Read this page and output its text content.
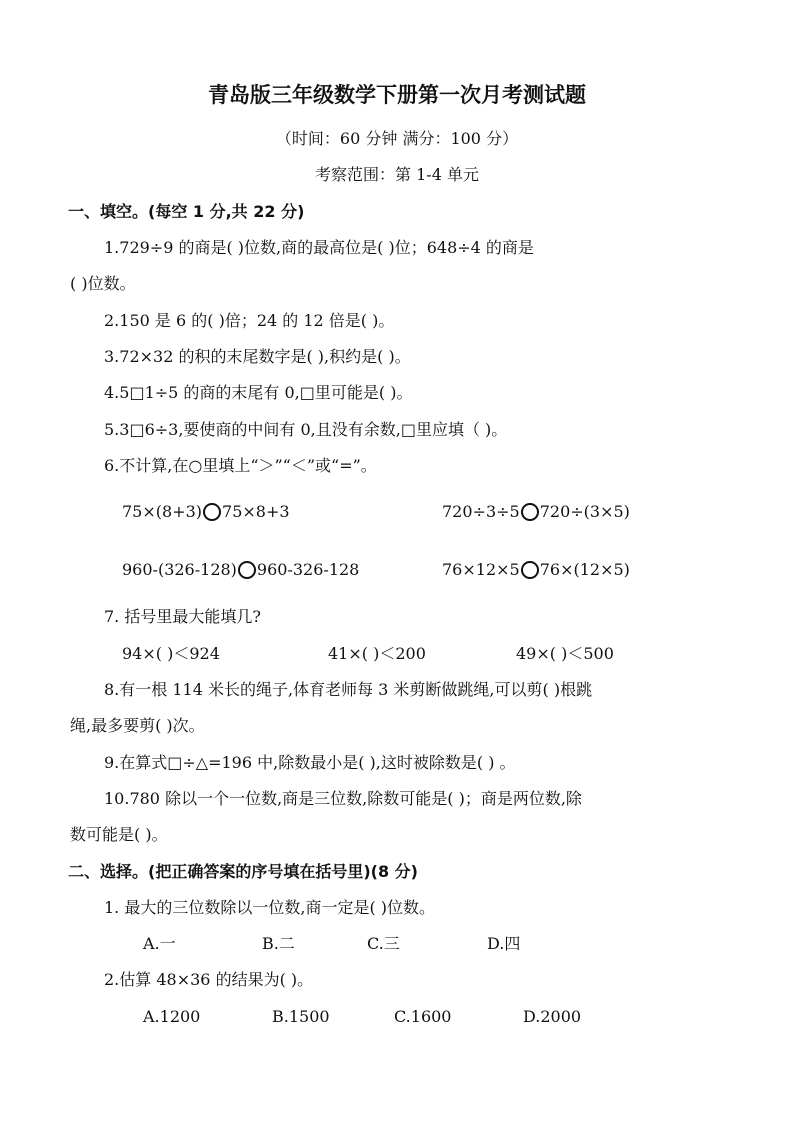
青岛版三年级数学下册第一次月考测试题
（时间：60 分钟 满分：100 分）
考察范围：第 1-4 单元
一、填空。(每空 1 分,共 22 分)
1.729÷9 的商是( )位数,商的最高位是( )位；648÷4 的商是
( )位数。
2.150 是 6 的( )倍；24 的 12 倍是( )。
3.72×32 的积的末尾数字是( ),积约是( )。
4.5□1÷5 的商的末尾有 0,□里可能是( )。
5.3□6÷3,要使商的中间有 0,且没有余数,□里应填（ )。
6.不计算,在○里填上“＞”“＜”或“=”。
75×(8+3) 75×8+3	720÷3÷5 720÷(3×5)
960-(326-128) 960-326-128	76×12×5 76×(12×5)
7. 括号里最大能填几?
94×( )＜924	41×( )＜200	49×( )＜500
8.有一根 114 米长的绳子,体育老师每 3 米剪断做跳绳,可以剪( )根跳
绳,最多要剪( )次。
9.在算式□÷△=196 中,除数最小是( ),这时被除数是( ) 。
10.780 除以一个一位数,商是三位数,除数可能是( )；商是两位数,除
数可能是( )。
二、选择。(把正确答案的序号填在括号里)(8 分)
1. 最大的三位数除以一位数,商一定是( )位数。
A.一	B.二	C.三	D.四
2.估算 48×36 的结果为( )。
A.1200	B.1500	C.1600	D.2000
